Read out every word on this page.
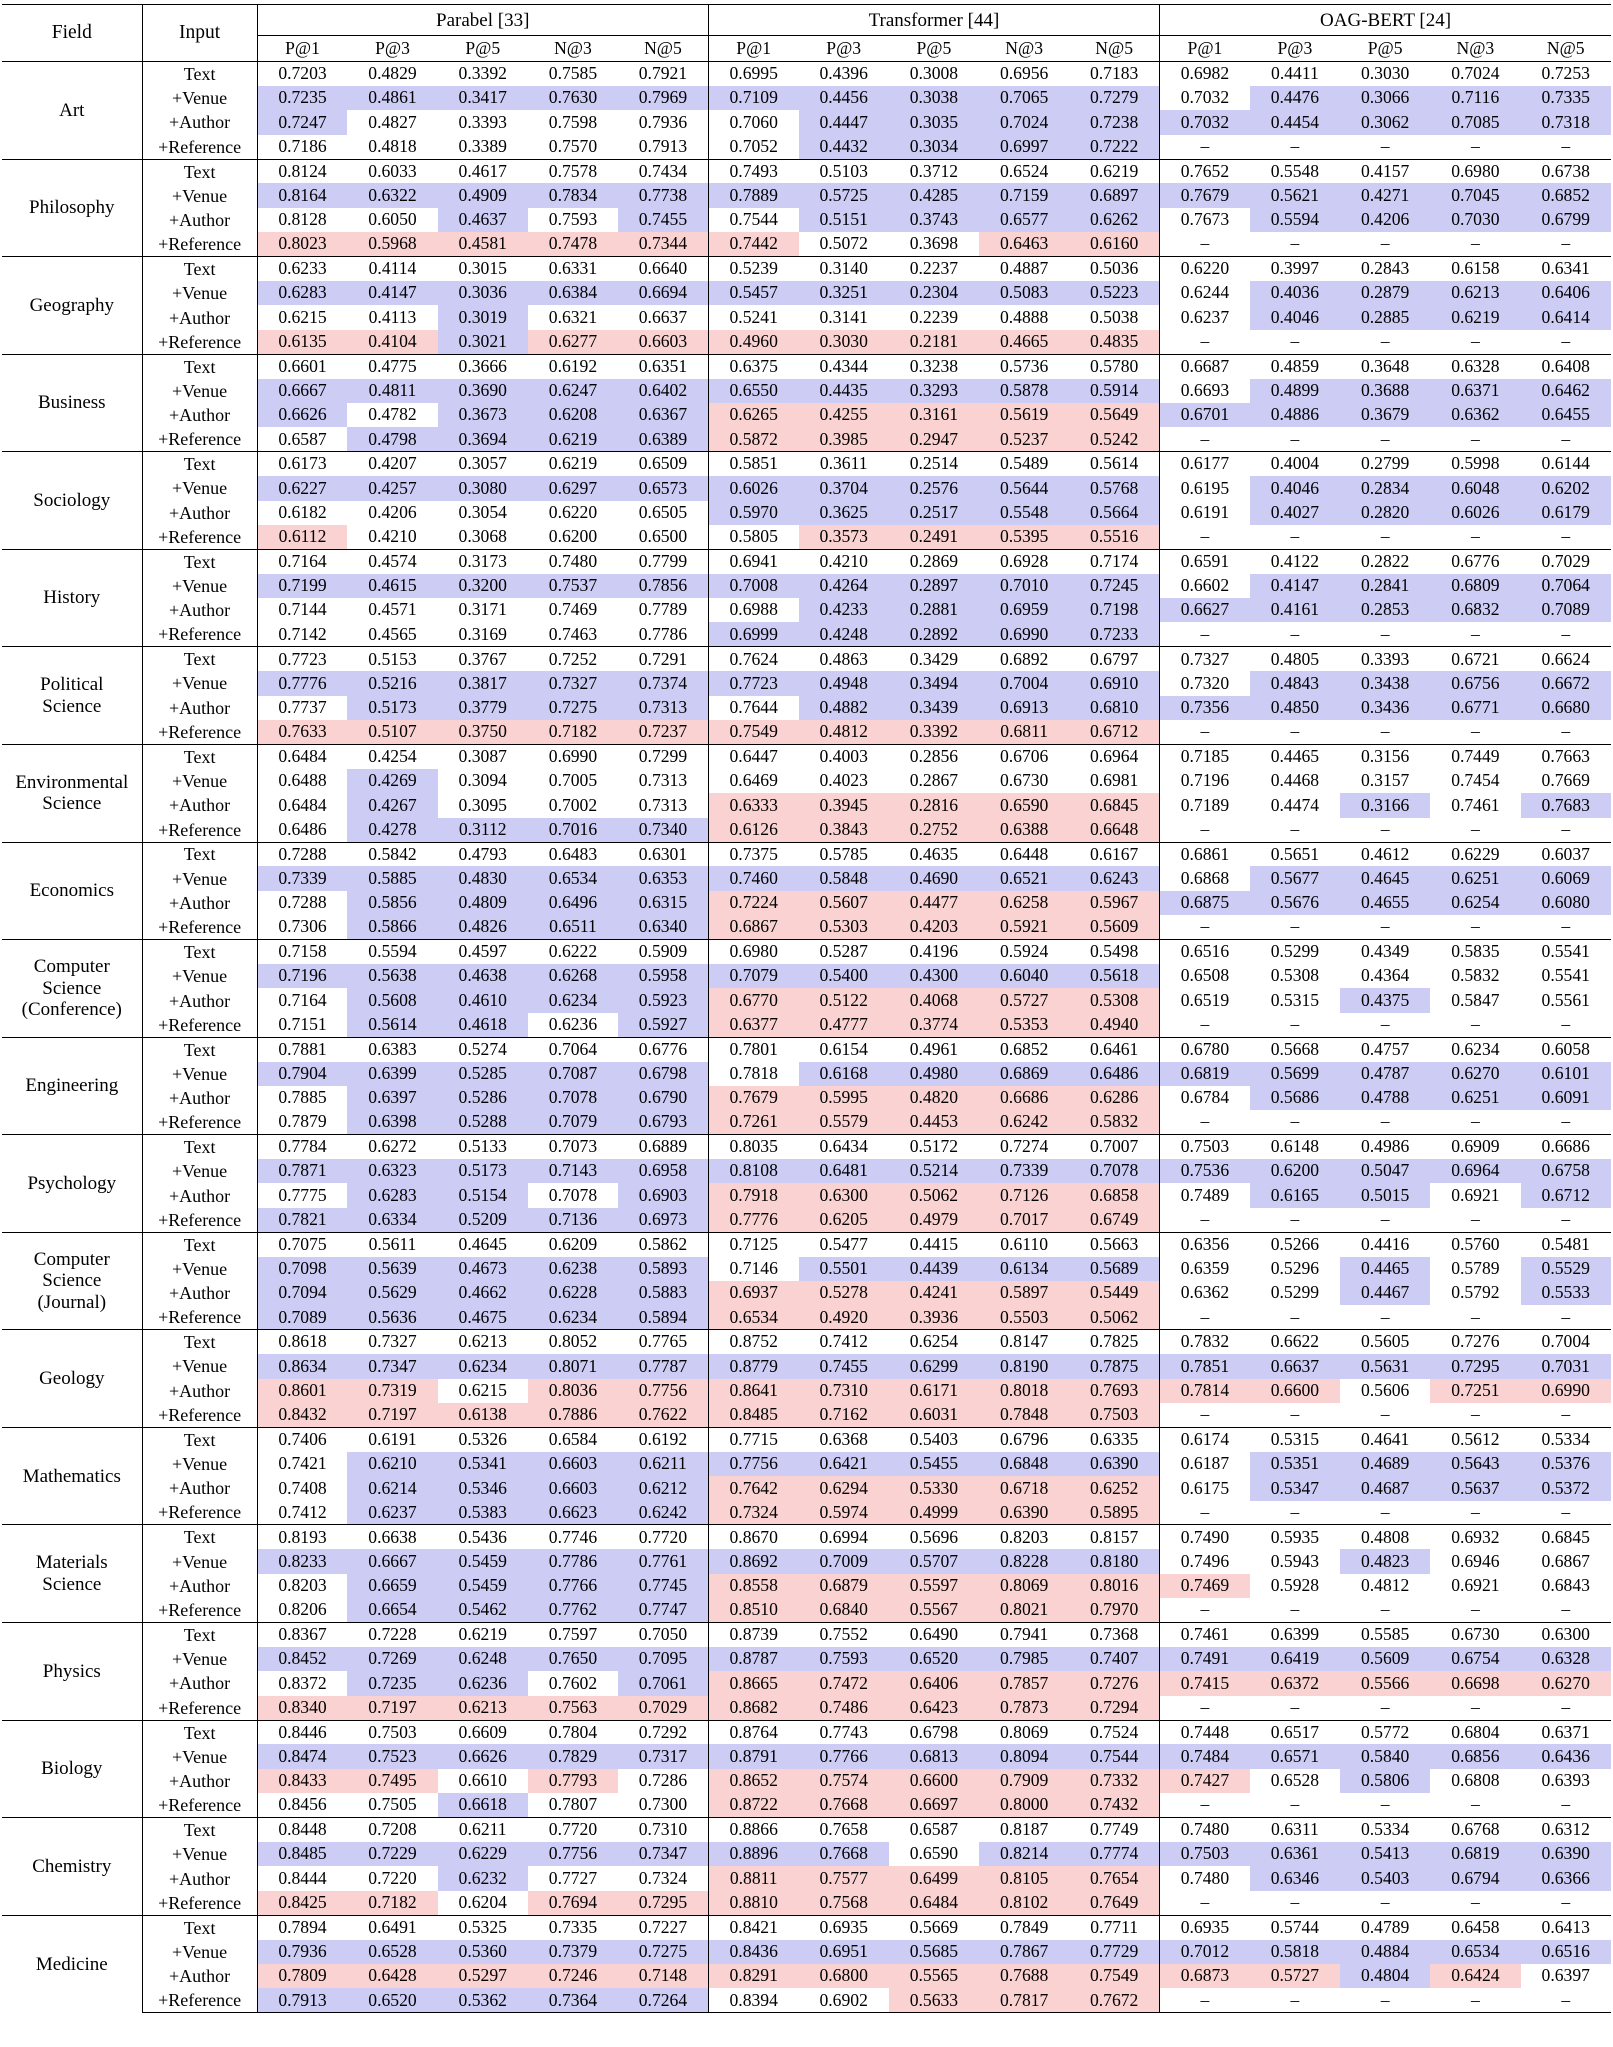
Field	Input	Parabel [33]					Transformer [44]					OAG-BERT [24]				
		P@1	P@3	P@5	N@3	N@5	P@1	P@3	P@5	N@3	N@5	P@1	P@3	P@5	N@3	N@5
Art	Text	0.7203	0.4829	0.3392	0.7585	0.7921	0.6995	0.4396	0.3008	0.6956	0.7183	0.6982	0.4411	0.3030	0.7024	0.7253
	+Venue	0.7235	0.4861	0.3417	0.7630	0.7969	0.7109	0.4456	0.3038	0.7065	0.7279	0.7032	0.4476	0.3066	0.7116	0.7335
	+Author	0.7247	0.4827	0.3393	0.7598	0.7936	0.7060	0.4447	0.3035	0.7024	0.7238	0.7032	0.4454	0.3062	0.7085	0.7318
	+Reference	0.7186	0.4818	0.3389	0.7570	0.7913	0.7052	0.4432	0.3034	0.6997	0.7222	–	–	–	–	–
Philosophy	Text	0.8124	0.6033	0.4617	0.7578	0.7434	0.7493	0.5103	0.3712	0.6524	0.6219	0.7652	0.5548	0.4157	0.6980	0.6738
	+Venue	0.8164	0.6322	0.4909	0.7834	0.7738	0.7889	0.5725	0.4285	0.7159	0.6897	0.7679	0.5621	0.4271	0.7045	0.6852
	+Author	0.8128	0.6050	0.4637	0.7593	0.7455	0.7544	0.5151	0.3743	0.6577	0.6262	0.7673	0.5594	0.4206	0.7030	0.6799
	+Reference	0.8023	0.5968	0.4581	0.7478	0.7344	0.7442	0.5072	0.3698	0.6463	0.6160	–	–	–	–	–
Geography	Text	0.6233	0.4114	0.3015	0.6331	0.6640	0.5239	0.3140	0.2237	0.4887	0.5036	0.6220	0.3997	0.2843	0.6158	0.6341
	+Venue	0.6283	0.4147	0.3036	0.6384	0.6694	0.5457	0.3251	0.2304	0.5083	0.5223	0.6244	0.4036	0.2879	0.6213	0.6406
	+Author	0.6215	0.4113	0.3019	0.6321	0.6637	0.5241	0.3141	0.2239	0.4888	0.5038	0.6237	0.4046	0.2885	0.6219	0.6414
	+Reference	0.6135	0.4104	0.3021	0.6277	0.6603	0.4960	0.3030	0.2181	0.4665	0.4835	–	–	–	–	–
Business	Text	0.6601	0.4775	0.3666	0.6192	0.6351	0.6375	0.4344	0.3238	0.5736	0.5780	0.6687	0.4859	0.3648	0.6328	0.6408
	+Venue	0.6667	0.4811	0.3690	0.6247	0.6402	0.6550	0.4435	0.3293	0.5878	0.5914	0.6693	0.4899	0.3688	0.6371	0.6462
	+Author	0.6626	0.4782	0.3673	0.6208	0.6367	0.6265	0.4255	0.3161	0.5619	0.5649	0.6701	0.4886	0.3679	0.6362	0.6455
	+Reference	0.6587	0.4798	0.3694	0.6219	0.6389	0.5872	0.3985	0.2947	0.5237	0.5242	–	–	–	–	–
Sociology	Text	0.6173	0.4207	0.3057	0.6219	0.6509	0.5851	0.3611	0.2514	0.5489	0.5614	0.6177	0.4004	0.2799	0.5998	0.6144
	+Venue	0.6227	0.4257	0.3080	0.6297	0.6573	0.6026	0.3704	0.2576	0.5644	0.5768	0.6195	0.4046	0.2834	0.6048	0.6202
	+Author	0.6182	0.4206	0.3054	0.6220	0.6505	0.5970	0.3625	0.2517	0.5548	0.5664	0.6191	0.4027	0.2820	0.6026	0.6179
	+Reference	0.6112	0.4210	0.3068	0.6200	0.6500	0.5805	0.3573	0.2491	0.5395	0.5516	–	–	–	–	–
History	Text	0.7164	0.4574	0.3173	0.7480	0.7799	0.6941	0.4210	0.2869	0.6928	0.7174	0.6591	0.4122	0.2822	0.6776	0.7029
	+Venue	0.7199	0.4615	0.3200	0.7537	0.7856	0.7008	0.4264	0.2897	0.7010	0.7245	0.6602	0.4147	0.2841	0.6809	0.7064
	+Author	0.7144	0.4571	0.3171	0.7469	0.7789	0.6988	0.4233	0.2881	0.6959	0.7198	0.6627	0.4161	0.2853	0.6832	0.7089
	+Reference	0.7142	0.4565	0.3169	0.7463	0.7786	0.6999	0.4248	0.2892	0.6990	0.7233	–	–	–	–	–
Political
Science	Text	0.7723	0.5153	0.3767	0.7252	0.7291	0.7624	0.4863	0.3429	0.6892	0.6797	0.7327	0.4805	0.3393	0.6721	0.6624
	+Venue	0.7776	0.5216	0.3817	0.7327	0.7374	0.7723	0.4948	0.3494	0.7004	0.6910	0.7320	0.4843	0.3438	0.6756	0.6672
	+Author	0.7737	0.5173	0.3779	0.7275	0.7313	0.7644	0.4882	0.3439	0.6913	0.6810	0.7356	0.4850	0.3436	0.6771	0.6680
	+Reference	0.7633	0.5107	0.3750	0.7182	0.7237	0.7549	0.4812	0.3392	0.6811	0.6712	–	–	–	–	–
Environmental
Science	Text	0.6484	0.4254	0.3087	0.6990	0.7299	0.6447	0.4003	0.2856	0.6706	0.6964	0.7185	0.4465	0.3156	0.7449	0.7663
	+Venue	0.6488	0.4269	0.3094	0.7005	0.7313	0.6469	0.4023	0.2867	0.6730	0.6981	0.7196	0.4468	0.3157	0.7454	0.7669
	+Author	0.6484	0.4267	0.3095	0.7002	0.7313	0.6333	0.3945	0.2816	0.6590	0.6845	0.7189	0.4474	0.3166	0.7461	0.7683
	+Reference	0.6486	0.4278	0.3112	0.7016	0.7340	0.6126	0.3843	0.2752	0.6388	0.6648	–	–	–	–	–
Economics	Text	0.7288	0.5842	0.4793	0.6483	0.6301	0.7375	0.5785	0.4635	0.6448	0.6167	0.6861	0.5651	0.4612	0.6229	0.6037
	+Venue	0.7339	0.5885	0.4830	0.6534	0.6353	0.7460	0.5848	0.4690	0.6521	0.6243	0.6868	0.5677	0.4645	0.6251	0.6069
	+Author	0.7288	0.5856	0.4809	0.6496	0.6315	0.7224	0.5607	0.4477	0.6258	0.5967	0.6875	0.5676	0.4655	0.6254	0.6080
	+Reference	0.7306	0.5866	0.4826	0.6511	0.6340	0.6867	0.5303	0.4203	0.5921	0.5609	–	–	–	–	–
Computer
Science
(Conference)	Text	0.7158	0.5594	0.4597	0.6222	0.5909	0.6980	0.5287	0.4196	0.5924	0.5498	0.6516	0.5299	0.4349	0.5835	0.5541
	+Venue	0.7196	0.5638	0.4638	0.6268	0.5958	0.7079	0.5400	0.4300	0.6040	0.5618	0.6508	0.5308	0.4364	0.5832	0.5541
	+Author	0.7164	0.5608	0.4610	0.6234	0.5923	0.6770	0.5122	0.4068	0.5727	0.5308	0.6519	0.5315	0.4375	0.5847	0.5561
	+Reference	0.7151	0.5614	0.4618	0.6236	0.5927	0.6377	0.4777	0.3774	0.5353	0.4940	–	–	–	–	–
Engineering	Text	0.7881	0.6383	0.5274	0.7064	0.6776	0.7801	0.6154	0.4961	0.6852	0.6461	0.6780	0.5668	0.4757	0.6234	0.6058
	+Venue	0.7904	0.6399	0.5285	0.7087	0.6798	0.7818	0.6168	0.4980	0.6869	0.6486	0.6819	0.5699	0.4787	0.6270	0.6101
	+Author	0.7885	0.6397	0.5286	0.7078	0.6790	0.7679	0.5995	0.4820	0.6686	0.6286	0.6784	0.5686	0.4788	0.6251	0.6091
	+Reference	0.7879	0.6398	0.5288	0.7079	0.6793	0.7261	0.5579	0.4453	0.6242	0.5832	–	–	–	–	–
Psychology	Text	0.7784	0.6272	0.5133	0.7073	0.6889	0.8035	0.6434	0.5172	0.7274	0.7007	0.7503	0.6148	0.4986	0.6909	0.6686
	+Venue	0.7871	0.6323	0.5173	0.7143	0.6958	0.8108	0.6481	0.5214	0.7339	0.7078	0.7536	0.6200	0.5047	0.6964	0.6758
	+Author	0.7775	0.6283	0.5154	0.7078	0.6903	0.7918	0.6300	0.5062	0.7126	0.6858	0.7489	0.6165	0.5015	0.6921	0.6712
	+Reference	0.7821	0.6334	0.5209	0.7136	0.6973	0.7776	0.6205	0.4979	0.7017	0.6749	–	–	–	–	–
Computer
Science
(Journal)	Text	0.7075	0.5611	0.4645	0.6209	0.5862	0.7125	0.5477	0.4415	0.6110	0.5663	0.6356	0.5266	0.4416	0.5760	0.5481
	+Venue	0.7098	0.5639	0.4673	0.6238	0.5893	0.7146	0.5501	0.4439	0.6134	0.5689	0.6359	0.5296	0.4465	0.5789	0.5529
	+Author	0.7094	0.5629	0.4662	0.6228	0.5883	0.6937	0.5278	0.4241	0.5897	0.5449	0.6362	0.5299	0.4467	0.5792	0.5533
	+Reference	0.7089	0.5636	0.4675	0.6234	0.5894	0.6534	0.4920	0.3936	0.5503	0.5062	–	–	–	–	–
Geology	Text	0.8618	0.7327	0.6213	0.8052	0.7765	0.8752	0.7412	0.6254	0.8147	0.7825	0.7832	0.6622	0.5605	0.7276	0.7004
	+Venue	0.8634	0.7347	0.6234	0.8071	0.7787	0.8779	0.7455	0.6299	0.8190	0.7875	0.7851	0.6637	0.5631	0.7295	0.7031
	+Author	0.8601	0.7319	0.6215	0.8036	0.7756	0.8641	0.7310	0.6171	0.8018	0.7693	0.7814	0.6600	0.5606	0.7251	0.6990
	+Reference	0.8432	0.7197	0.6138	0.7886	0.7622	0.8485	0.7162	0.6031	0.7848	0.7503	–	–	–	–	–
Mathematics	Text	0.7406	0.6191	0.5326	0.6584	0.6192	0.7715	0.6368	0.5403	0.6796	0.6335	0.6174	0.5315	0.4641	0.5612	0.5334
	+Venue	0.7421	0.6210	0.5341	0.6603	0.6211	0.7756	0.6421	0.5455	0.6848	0.6390	0.6187	0.5351	0.4689	0.5643	0.5376
	+Author	0.7408	0.6214	0.5346	0.6603	0.6212	0.7642	0.6294	0.5330	0.6718	0.6252	0.6175	0.5347	0.4687	0.5637	0.5372
	+Reference	0.7412	0.6237	0.5383	0.6623	0.6242	0.7324	0.5974	0.4999	0.6390	0.5895	–	–	–	–	–
Materials
Science	Text	0.8193	0.6638	0.5436	0.7746	0.7720	0.8670	0.6994	0.5696	0.8203	0.8157	0.7490	0.5935	0.4808	0.6932	0.6845
	+Venue	0.8233	0.6667	0.5459	0.7786	0.7761	0.8692	0.7009	0.5707	0.8228	0.8180	0.7496	0.5943	0.4823	0.6946	0.6867
	+Author	0.8203	0.6659	0.5459	0.7766	0.7745	0.8558	0.6879	0.5597	0.8069	0.8016	0.7469	0.5928	0.4812	0.6921	0.6843
	+Reference	0.8206	0.6654	0.5462	0.7762	0.7747	0.8510	0.6840	0.5567	0.8021	0.7970	–	–	–	–	–
Physics	Text	0.8367	0.7228	0.6219	0.7597	0.7050	0.8739	0.7552	0.6490	0.7941	0.7368	0.7461	0.6399	0.5585	0.6730	0.6300
	+Venue	0.8452	0.7269	0.6248	0.7650	0.7095	0.8787	0.7593	0.6520	0.7985	0.7407	0.7491	0.6419	0.5609	0.6754	0.6328
	+Author	0.8372	0.7235	0.6236	0.7602	0.7061	0.8665	0.7472	0.6406	0.7857	0.7276	0.7415	0.6372	0.5566	0.6698	0.6270
	+Reference	0.8340	0.7197	0.6213	0.7563	0.7029	0.8682	0.7486	0.6423	0.7873	0.7294	–	–	–	–	–
Biology	Text	0.8446	0.7503	0.6609	0.7804	0.7292	0.8764	0.7743	0.6798	0.8069	0.7524	0.7448	0.6517	0.5772	0.6804	0.6371
	+Venue	0.8474	0.7523	0.6626	0.7829	0.7317	0.8791	0.7766	0.6813	0.8094	0.7544	0.7484	0.6571	0.5840	0.6856	0.6436
	+Author	0.8433	0.7495	0.6610	0.7793	0.7286	0.8652	0.7574	0.6600	0.7909	0.7332	0.7427	0.6528	0.5806	0.6808	0.6393
	+Reference	0.8456	0.7505	0.6618	0.7807	0.7300	0.8722	0.7668	0.6697	0.8000	0.7432	–	–	–	–	–
Chemistry	Text	0.8448	0.7208	0.6211	0.7720	0.7310	0.8866	0.7658	0.6587	0.8187	0.7749	0.7480	0.6311	0.5334	0.6768	0.6312
	+Venue	0.8485	0.7229	0.6229	0.7756	0.7347	0.8896	0.7668	0.6590	0.8214	0.7774	0.7503	0.6361	0.5413	0.6819	0.6390
	+Author	0.8444	0.7220	0.6232	0.7727	0.7324	0.8811	0.7577	0.6499	0.8105	0.7654	0.7480	0.6346	0.5403	0.6794	0.6366
	+Reference	0.8425	0.7182	0.6204	0.7694	0.7295	0.8810	0.7568	0.6484	0.8102	0.7649	–	–	–	–	–
Medicine	Text	0.7894	0.6491	0.5325	0.7335	0.7227	0.8421	0.6935	0.5669	0.7849	0.7711	0.6935	0.5744	0.4789	0.6458	0.6413
	+Venue	0.7936	0.6528	0.5360	0.7379	0.7275	0.8436	0.6951	0.5685	0.7867	0.7729	0.7012	0.5818	0.4884	0.6534	0.6516
	+Author	0.7809	0.6428	0.5297	0.7246	0.7148	0.8291	0.6800	0.5565	0.7688	0.7549	0.6873	0.5727	0.4804	0.6424	0.6397
	+Reference	0.7913	0.6520	0.5362	0.7364	0.7264	0.8394	0.6902	0.5633	0.7817	0.7672	–	–	–	–	–
